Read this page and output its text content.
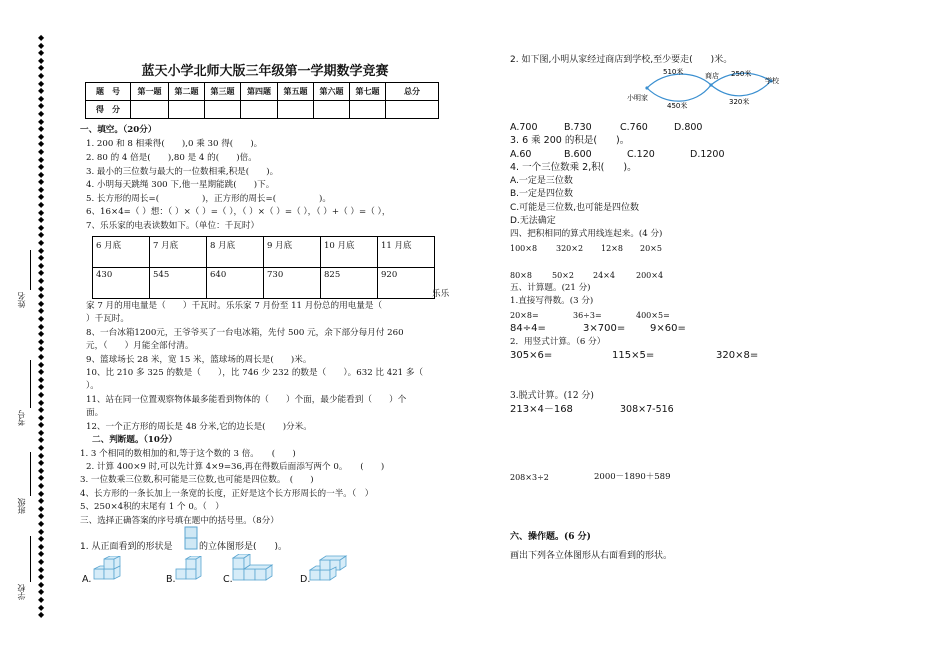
◆
◆
◆
◆
◆
◆
◆
◆
◆
◆
◆
◆
◆
◆
◆
◆
◆
◆
◆
◆
◆
◆
◆
◆
◆
◆
◆
◆
◆
◆
◆
◆
◆
◆
◆
◆
◆
◆
◆
◆
◆
◆
◆
◆
◆
◆
◆
◆
◆
◆
◆
◆
◆
◆
◆
◆
◆
◆
◆
◆
◆
◆
◆
◆
◆
◆
◆
◆
◆
◆
◆
◆
◆
◆
◆
◆
◆
姓名
考号
班级
学校
蓝天小学北师大版三年级第一学期数学竞赛
题　号	第一题	第二题	第三题	第四题	第五题	第六题	第七题	总分
得　分								
一、填空。（20分）
1. 200 和 8 相乘得(　　),0 乘 30 得(　　)。
2. 80 的 4 倍是(　　),80 是 4 的(　　)倍。
3. 最小的三位数与最大的一位数相乘,积是(　　)。
4. 小明每天跳绳 300 下,他一星期能跳(　　)下。
5. 长方形的周长=(　　　　　)，正方形的周长=(　　　　　)。
6、16×4=（ ）想：（ ）×（ ）=（ ），（ ）×（ ）=（ ），（ ）+（ ）=（ ），
7、乐乐家的电表读数如下。（单位：千瓦时）
6 月底	7 月底	8 月底	9 月底	10 月底	11 月底
430	545	640	730	825	920
乐乐
家 7 月的用电量是（　　）千瓦时。乐乐家 7 月份至 11 月份总的用电量是（
）千瓦时。
8、一台冰箱1200元，王爷爷买了一台电冰箱，先付 500 元，余下部分每月付 260
元，（　　）月能全部付清。
9、篮球场长 28 米，宽 15 米，篮球场的周长是(　　)米。
10、比 210 多 325 的数是（　　），比 746 少 232 的数是（　　）。632 比 421 多（
）。
11、站在同一位置观察物体最多能看到物体的（　　）个面，最少能看到（　　）个
面。
12、一个正方形的周长是 48 分米,它的边长是(　　)分米。
二、判断题。（10分）
1. 3 个相同的数相加的和,等于这个数的 3 倍。　　(　　)
2. 计算 400×9 时,可以先计算 4×9=36,再在得数后面添写两个 0。　　(　　)
3. 一位数乘三位数,积可能是三位数,也可能是四位数。　(　　)
4、长方形的一条长加上一条宽的长度，正好是这个长方形周长的一半。（　）
5、250×4积的末尾有 1 个 0。（　）
三、选择正确答案的序号填在题中的括号里。（8分）
1. 从正面看到的形状是	的立体图形是(　　)。
A.	B.	C.	D.
2. 如下图,小明从家经过商店到学校,至少要走(　　)米。
小明家
商店
学校
510米
450米
250米
320米
A.700	B.730	C.760	D.800
3. 6 乘 200 的积是(　　)。
A.60	B.600	C.120	D.1200
4. 一个三位数乘 2,积(　　)。
A.一定是三位数
B.一定是四位数
C.可能是三位数,也可能是四位数
D.无法确定
四、把积相同的算式用线连起来。(4 分)
100×8 320×2 12×8 20×5
80×8	50×2 24×4	200×4
五、计算题。(21 分)
1.直接写得数。(3 分)
20×8=	36÷3=	400×5=
84÷4=	3×700= 9×60=
2．用竖式计算。（6 分）
305×6=	115×5=	320×8=
3.脱式计算。(12 分)
213×4－168	308×7-516
208×3÷2	2000－1890＋589
六、操作题。(6 分)
画出下列各立体图形从右面看到的形状。
